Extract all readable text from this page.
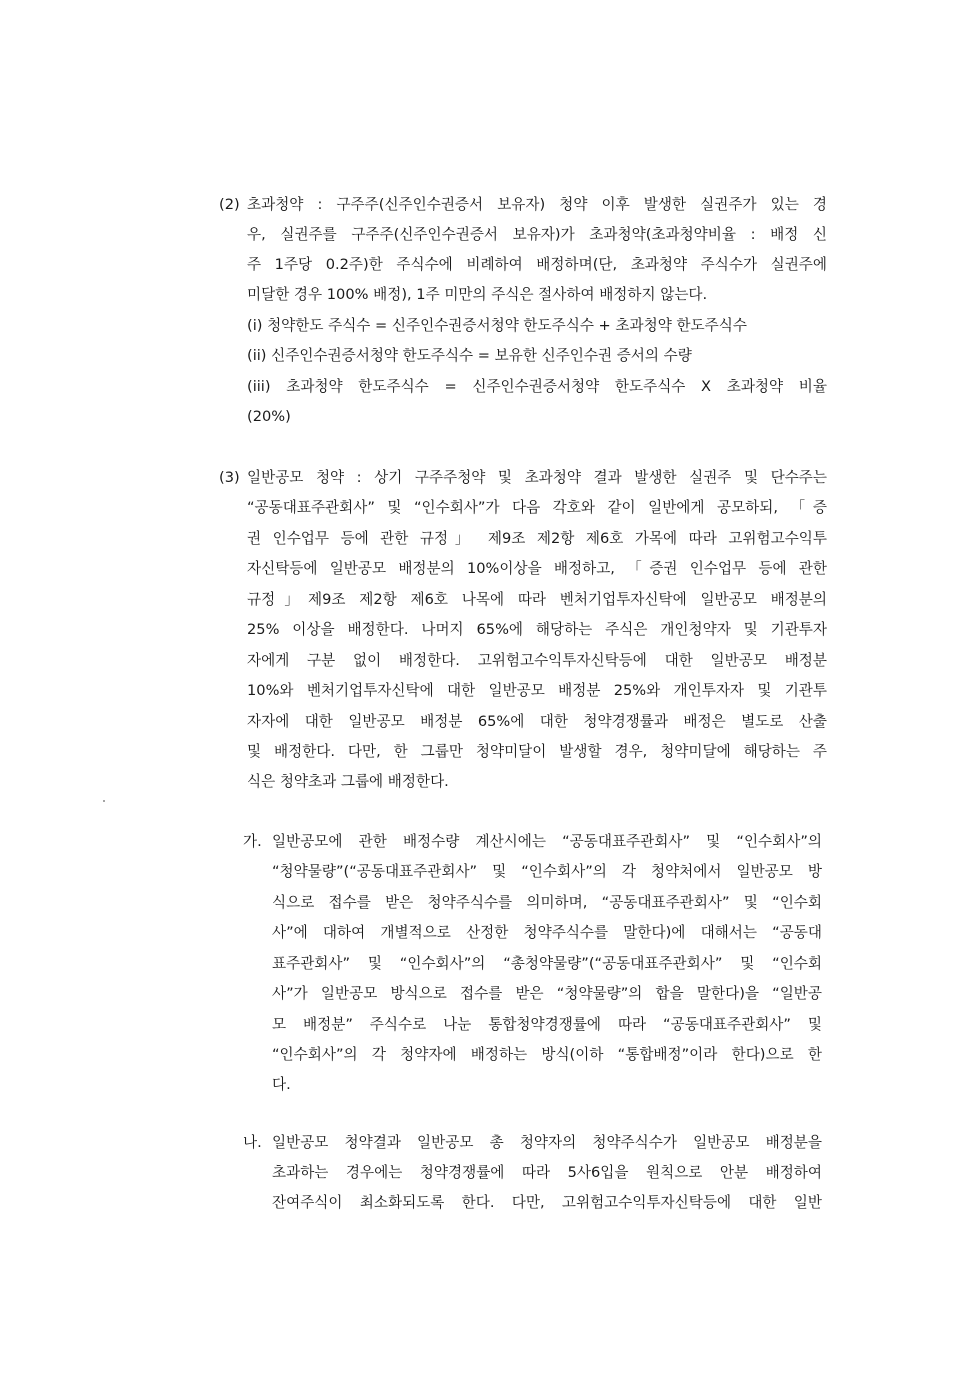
(2) 초과청약 : 구주주(신주인수권증서 보유자) 청약 이후 발생한 실권주가 있는 경
우, 실권주를 구주주(신주인수권증서 보유자)가 초과청약(초과청약비율 : 배정 신
주 1주당 0.2주)한 주식수에 비례하여 배정하며(단, 초과청약 주식수가 실권주에
미달한 경우 100% 배정), 1주 미만의 주식은 절사하여 배정하지 않는다.
(i) 청약한도 주식수 = 신주인수권증서청약 한도주식수 + 초과청약 한도주식수
(ii) 신주인수권증서청약 한도주식수 = 보유한 신주인수권 증서의 수량
(iii) 초과청약 한도주식수 = 신주인수권증서청약 한도주식수 X 초과청약 비율
(20%)
(3) 일반공모 청약 : 상기 구주주청약 및 초과청약 결과 발생한 실권주 및 단수주는
“공동대표주관회사” 및 “인수회사”가 다음 각호와 같이 일반에게 공모하되, 「증
권 인수업무 등에 관한 규정」 제9조 제2항 제6호 가목에 따라 고위험고수익투
자신탁등에 일반공모 배정분의 10%이상을 배정하고, 「증권 인수업무 등에 관한
규정」제9조 제2항 제6호 나목에 따라 벤처기업투자신탁에 일반공모 배정분의
25% 이상을 배정한다. 나머지 65%에 해당하는 주식은 개인청약자 및 기관투자
자에게 구분 없이 배정한다. 고위험고수익투자신탁등에 대한 일반공모 배정분
10%와 벤처기업투자신탁에 대한 일반공모 배정분 25%와 개인투자자 및 기관투
자자에 대한 일반공모 배정분 65%에 대한 청약경쟁률과 배정은 별도로 산출
및 배정한다. 다만, 한 그룹만 청약미달이 발생할 경우, 청약미달에 해당하는 주
식은 청약초과 그룹에 배정한다.
가. 일반공모에 관한 배정수량 계산시에는 “공동대표주관회사” 및 “인수회사”의
“청약물량”(“공동대표주관회사” 및 “인수회사”의 각 청약처에서 일반공모 방
식으로 접수를 받은 청약주식수를 의미하며, “공동대표주관회사” 및 “인수회
사”에 대하여 개별적으로 산정한 청약주식수를 말한다)에 대해서는 “공동대
표주관회사” 및 “인수회사”의 “총청약물량”(“공동대표주관회사” 및 “인수회
사”가 일반공모 방식으로 접수를 받은 “청약물량”의 합을 말한다)을 “일반공
모 배정분” 주식수로 나눈 통합청약경쟁률에 따라 “공동대표주관회사” 및
“인수회사”의 각 청약자에 배정하는 방식(이하 “통합배정”이라 한다)으로 한
다.
나. 일반공모 청약결과 일반공모 총 청약자의 청약주식수가 일반공모 배정분을
초과하는 경우에는 청약경쟁률에 따라 5사6입을 원칙으로 안분 배정하여
잔여주식이 최소화되도록 한다. 다만, 고위험고수익투자신탁등에 대한 일반
